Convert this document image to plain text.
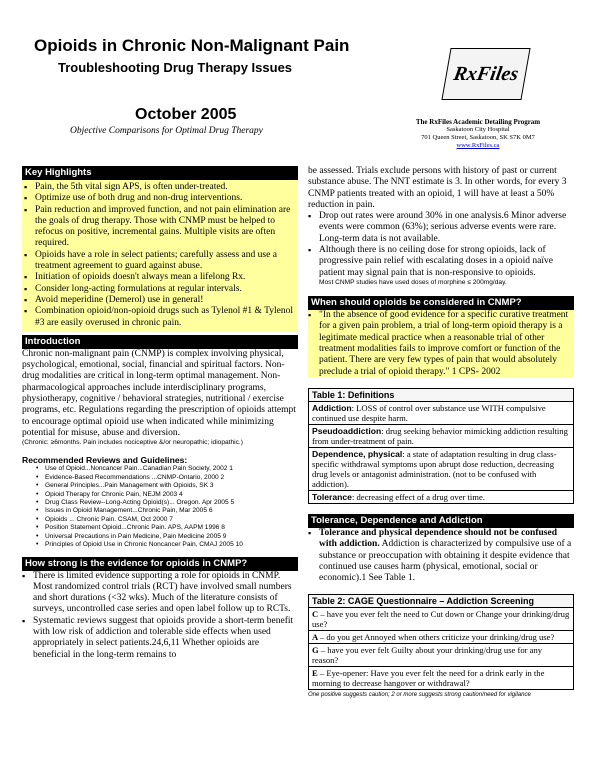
Opioids in Chronic Non-Malignant Pain
Troubleshooting Drug Therapy Issues
October 2005
Objective Comparisons for Optimal Drug Therapy
RxFiles
The RxFiles Academic Detailing Program
Saskatoon City Hospital
701 Queen Street, Saskatoon, SK S7K 0M7
www.RxFiles.ca
Key Highlights
▪ Pain, the 5th vital sign APS, is often under-treated.
▪ Optimize use of both drug and non-drug interventions.
▪ Pain reduction and improved function, and not pain elimination are the goals of drug therapy. Those with CNMP must be helped to refocus on positive, incremental gains. Multiple visits are often required.
▪ Opioids have a role in select patients; carefully assess and use a treatment agreement to guard against abuse.
▪ Initiation of opioids doesn't always mean a lifelong Rx.
▪ Consider long-acting formulations at regular intervals.
▪ Avoid meperidine (Demerol) use in general!
▪ Combination opioid/non-opioid drugs such as Tylenol #1 & Tylenol #3 are easily overused in chronic pain.
Introduction

Chronic non-malignant pain (CNMP) is complex involving physical, psychological, emotional, social, financial and spiritual factors. Non-drug modalities are critical in long-term optimal management. Non-pharmacological approaches include interdisciplinary programs, physiotherapy, cognitive / behavioral strategies, nutritional / exercise programs, etc. Regulations regarding the prescription of opioids attempt to encourage optimal opioid use when indicated while minimizing potential for misuse, abuse and diversion.

(Chronic: ≥6months. Pain includes nociceptive &/or neuropathic; idiopathic.)
Recommended Reviews and Guidelines:
• Use of Opioid...Noncancer Pain...Canadian Pain Society, 2002 1
• Evidence-Based Recommendations ...CNMP-Ontario, 2000 2
• General Principles...Pain Management with Opioids, SK 3
• Opioid Therapy for Chronic Pain, NEJM 2003 4
• Drug Class Review--Long-Acting Opioid(s)... Oregon. Apr 2005 5
• Issues in Opioid Management...Chronic Pain, Mar 2005 6
• Opioids ... Chronic Pain. CSAM, Oct 2000 7
• Position Statement Opioid...Chronic Pain. APS, AAPM 1996 8
• Universal Precautions in Pain Medicine, Pain Medicine 2005 9
• Principles of Opioid Use in Chronic Noncancer Pain, CMAJ 2005 10
How strong is the evidence for opioids in CNMP?
▪ There is limited evidence supporting a role for opioids in CNMP. Most randomized control trials (RCT) have involved small numbers and short durations (<32 wks). Much of the literature consists of surveys, uncontrolled case series and open label follow up to RCTs.
▪ Systematic reviews suggest that opioids provide a short-term benefit with low risk of addiction and tolerable side effects when used appropriately in select patients.24,6,11 Whether opioids are beneficial in the long-term remains to

be assessed. Trials exclude persons with history of past or current substance abuse. The NNT estimate is 3. In other words, for every 3 CNMP patients treated with an opioid, 1 will have at least a 50% reduction in pain.

▪ Drop out rates were around 30% in one analysis.6 Minor adverse events were common (63%); serious adverse events were rare. Long-term data is not available.
▪ Although there is no ceiling dose for strong opioids, lack of progressive pain relief with escalating doses in a opioid naïve patient may signal pain that is non-responsive to opioids.
Most CNMP studies have used doses of morphine ≤ 200mg/day.
When should opioids be considered in CNMP?
▪ "In the absence of good evidence for a specific curative treatment for a given pain problem, a trial of long-term opioid therapy is a legitimate medical practice when a reasonable trial of other treatment modalities fails to improve comfort or function of the patient. There are very few types of pain that would absolutely preclude a trial of opioid therapy." 1 CPS- 2002
Table 1: Definitions
Addiction: LOSS of control over substance use WITH compulsive continued use despite harm.
Pseudoaddiction: drug seeking behavior mimicking addiction resulting from under-treatment of pain.
Dependence, physical: a state of adaptation resulting in drug class-specific withdrawal symptoms upon abrupt dose reduction, decreasing drug levels or antagonist administration. (not to be confused with addiction).
Tolerance: decreasing effect of a drug over time.
Tolerance, Dependence and Addiction
▪ Tolerance and physical dependence should not be confused with addiction. Addiction is characterized by compulsive use of a substance or preoccupation with obtaining it despite evidence that continued use causes harm (physical, emotional, social or economic).1 See Table 1.
Table 2: CAGE Questionnaire – Addiction Screening
C – have you ever felt the need to Cut down or Change your drinking/drug use?
A – do you get Annoyed when others criticize your drinking/drug use?
G – have you ever felt Guilty about your drinking/drug use for any reason?
E – Eye-opener: Have you ever felt the need for a drink early in the morning to decrease hangover or withdrawal?
One positive suggests caution; 2 or more suggests strong caution/need for vigilance
